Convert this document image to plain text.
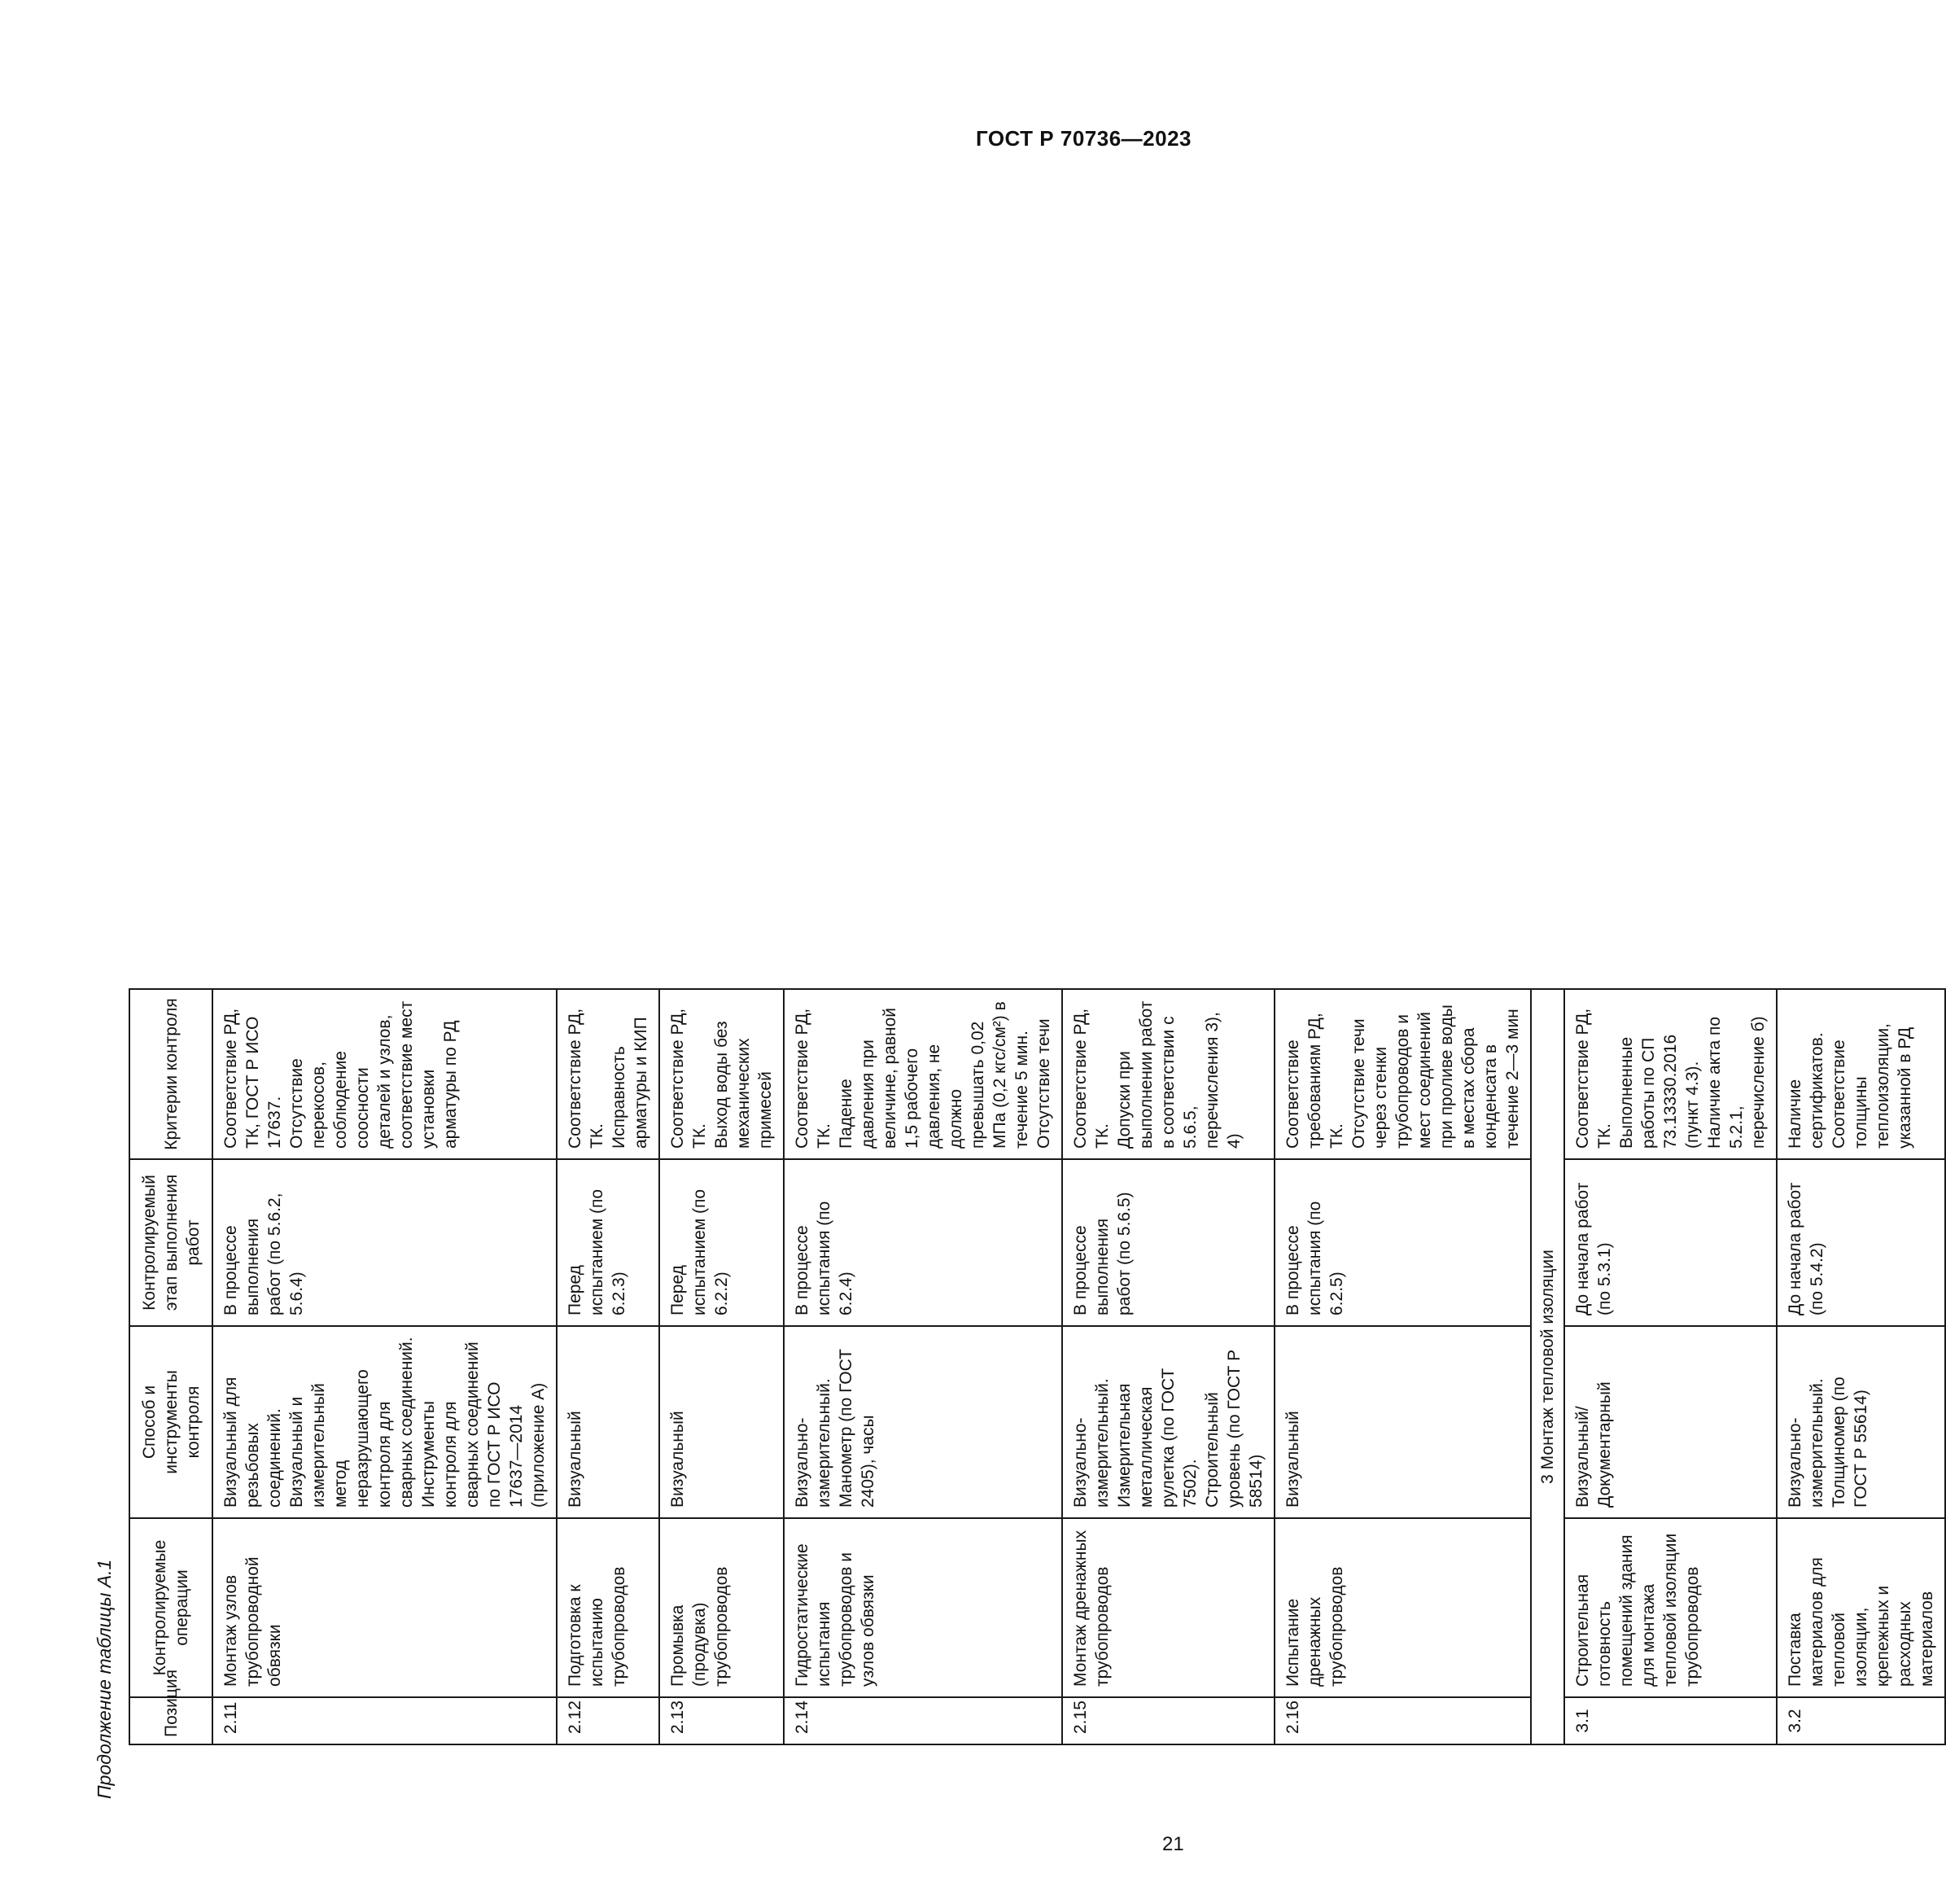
ГОСТ Р 70736—2023
Продолжение таблицы А.1	Позиция	Контролируемые операции	Способ и инструменты контроля	Контролируемый этап выполнения работ	Критерии контроля

2.11	Монтаж узлов трубопроводной обвязки	Визуальный для резьбовых соединений. Визуальный и измерительный метод неразрушающего контроля для сварных соединений. Инструменты контроля для сварных соединений по ГОСТ Р ИСО 17637—2014 (приложение А)	В процессе выполнения работ (по 5.6.2, 5.6.4)	Соответствие РД, ТК, ГОСТ Р ИСО 17637. Отсутствие перекосов, соблюдение соосности деталей и узлов, соответствие мест установки арматуры по РД

2.12	Подготовка к испытанию трубопроводов	Визуальный	Перед испытанием (по 6.2.3)	Соответствие РД, ТК. Исправность арматуры и КИП

2.13	Промывка (продувка) трубопроводов	Визуальный	Перед испытанием (по 6.2.2)	Соответствие РД, ТК. Выход воды без механических примесей

2.14	Гидростатические испытания трубопроводов и узлов обвязки	Визуально-измерительный. Манометр (по ГОСТ 2405), часы	В процессе испытания (по 6.2.4)	Соответствие РД, ТК. Падение давления при величине, равной 1,5 рабочего давления, не должно превышать 0,02 МПа (0,2 кгс/см²) в течение 5 мин. Отсутствие течи

2.15	Монтаж дренажных трубопроводов	Визуально-измерительный. Измерительная металлическая рулетка (по ГОСТ 7502). Строительный уровень (по ГОСТ Р 58514)	В процессе выполнения работ (по 5.6.5)	Соответствие РД, ТК. Допуски при выполнении работ в соответствии с 5.6.5, перечисления 3), 4)

2.16	Испытание дренажных трубопроводов	Визуальный	В процессе испытания (по 6.2.5)	Соответствие требованиям РД, ТК. Отсутствие течи через стенки трубопроводов и мест соединений при проливе воды в местах сбора конденсата в течение 2—3 мин

3 Монтаж тепловой изоляции				

3.1	Строительная готовность помещений здания для монтажа тепловой изоляции трубопроводов	Визуальный/Документарный	До начала работ (по 5.3.1)	Соответствие РД, ТК. Выполненные работы по СП 73.13330.2016 (пункт 4.3). Наличие акта по 5.2.1, перечисление б)

3.2	Поставка материалов для тепловой изоляции, крепежных и расходных материалов	Визуально-измерительный. Толщиномер (по ГОСТ Р 55614)	До начала работ (по 5.4.2)	Наличие сертификатов. Соответствие толщины теплоизоляции, указанной в РД
21
